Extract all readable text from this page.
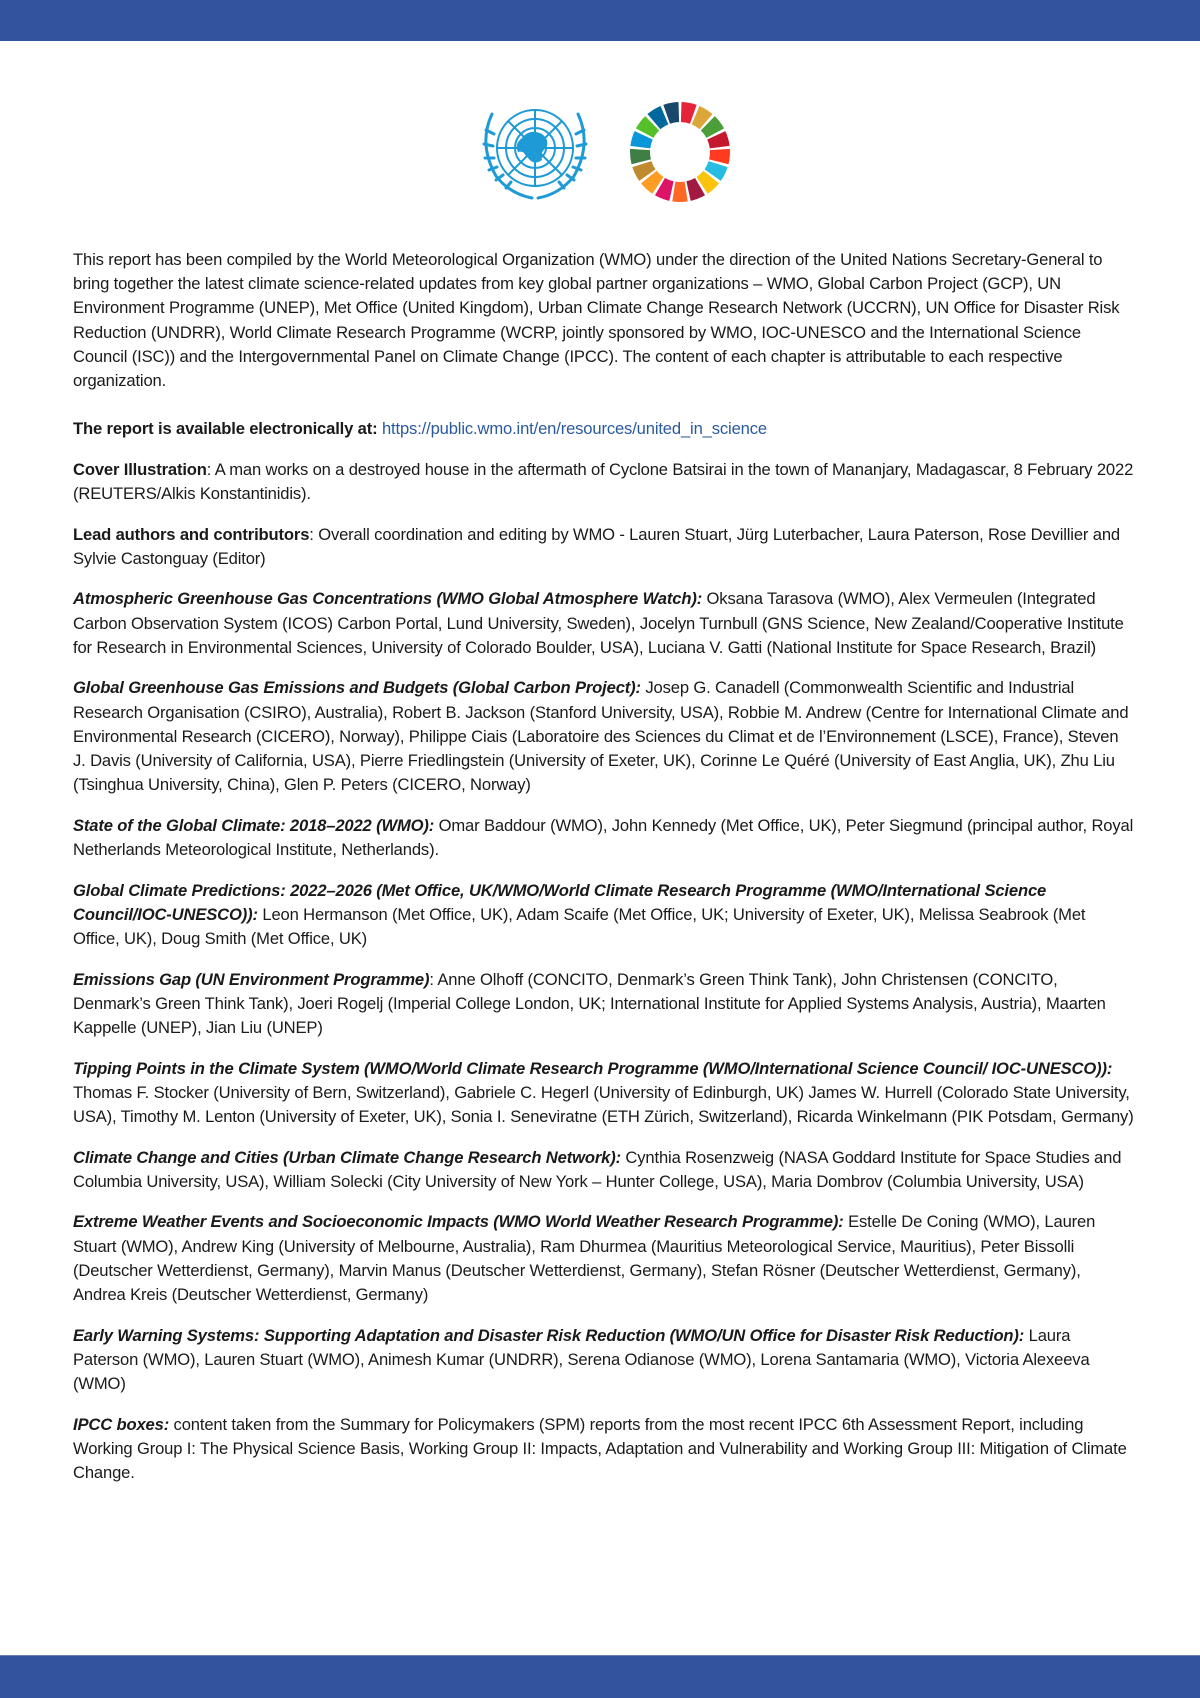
This report has been compiled by the World Meteorological Organization (WMO) under the direction of the United Nations Secretary-General to bring together the latest climate science-related updates from key global partner organizations – WMO, Global Carbon Project (GCP), UN Environment Programme (UNEP), Met Office (United Kingdom), Urban Climate Change Research Network (UCCRN), UN Office for Disaster Risk Reduction (UNDRR), World Climate Research Programme (WCRP, jointly sponsored by WMO, IOC-UNESCO and the International Science Council (ISC)) and the Intergovernmental Panel on Climate Change (IPCC). The content of each chapter is attributable to each respective organization.

The report is available electronically at: https://public.wmo.int/en/resources/united_in_science

Cover Illustration: A man works on a destroyed house in the aftermath of Cyclone Batsirai in the town of Mananjary, Madagascar, 8 February 2022 (REUTERS/Alkis Konstantinidis).

Lead authors and contributors: Overall coordination and editing by WMO - Lauren Stuart, Jürg Luterbacher, Laura Paterson, Rose Devillier and Sylvie Castonguay (Editor)

Atmospheric Greenhouse Gas Concentrations (WMO Global Atmosphere Watch): Oksana Tarasova (WMO), Alex Vermeulen (Integrated Carbon Observation System (ICOS) Carbon Portal, Lund University, Sweden), Jocelyn Turnbull (GNS Science, New Zealand/Cooperative Institute for Research in Environmental Sciences, University of Colorado Boulder, USA), Luciana V. Gatti (National Institute for Space Research, Brazil)

Global Greenhouse Gas Emissions and Budgets (Global Carbon Project): Josep G. Canadell (Commonwealth Scientific and Industrial Research Organisation (CSIRO), Australia), Robert B. Jackson (Stanford University, USA), Robbie M. Andrew (Centre for International Climate and Environmental Research (CICERO), Norway), Philippe Ciais (Laboratoire des Sciences du Climat et de l’Environnement (LSCE), France), Steven J. Davis (University of California, USA), Pierre Friedlingstein (University of Exeter, UK), Corinne Le Quéré (University of East Anglia, UK), Zhu Liu (Tsinghua University, China), Glen P. Peters (CICERO, Norway)

State of the Global Climate: 2018–2022 (WMO): Omar Baddour (WMO), John Kennedy (Met Office, UK), Peter Siegmund (principal author, Royal Netherlands Meteorological Institute, Netherlands).

Global Climate Predictions: 2022–2026 (Met Office, UK/WMO/World Climate Research Programme (WMO/International Science Council/IOC-UNESCO)): Leon Hermanson (Met Office, UK), Adam Scaife (Met Office, UK; University of Exeter, UK), Melissa Seabrook (Met Office, UK), Doug Smith (Met Office, UK)

Emissions Gap (UN Environment Programme): Anne Olhoff (CONCITO, Denmark’s Green Think Tank), John Christensen (CONCITO, Denmark’s Green Think Tank), Joeri Rogelj (Imperial College London, UK; International Institute for Applied Systems Analysis, Austria), Maarten Kappelle (UNEP), Jian Liu (UNEP)

Tipping Points in the Climate System (WMO/World Climate Research Programme (WMO/International Science Council/ IOC-UNESCO)): Thomas F. Stocker (University of Bern, Switzerland), Gabriele C. Hegerl (University of Edinburgh, UK) James W. Hurrell (Colorado State University, USA), Timothy M. Lenton (University of Exeter, UK), Sonia I. Seneviratne (ETH Zürich, Switzerland), Ricarda Winkelmann (PIK Potsdam, Germany)

Climate Change and Cities (Urban Climate Change Research Network): Cynthia Rosenzweig (NASA Goddard Institute for Space Studies and Columbia University, USA), William Solecki (City University of New York – Hunter College, USA), Maria Dombrov (Columbia University, USA)

Extreme Weather Events and Socioeconomic Impacts (WMO World Weather Research Programme): Estelle De Coning (WMO), Lauren Stuart (WMO), Andrew King (University of Melbourne, Australia), Ram Dhurmea (Mauritius Meteorological Service, Mauritius), Peter Bissolli (Deutscher Wetterdienst, Germany), Marvin Manus (Deutscher Wetterdienst, Germany), Stefan Rösner (Deutscher Wetterdienst, Germany), Andrea Kreis (Deutscher Wetterdienst, Germany)

Early Warning Systems: Supporting Adaptation and Disaster Risk Reduction (WMO/UN Office for Disaster Risk Reduction): Laura Paterson (WMO), Lauren Stuart (WMO), Animesh Kumar (UNDRR), Serena Odianose (WMO), Lorena Santamaria (WMO), Victoria Alexeeva (WMO)

IPCC boxes: content taken from the Summary for Policymakers (SPM) reports from the most recent IPCC 6th Assessment Report, including Working Group I: The Physical Science Basis, Working Group II: Impacts, Adaptation and Vulnerability and Working Group III: Mitigation of Climate Change.
